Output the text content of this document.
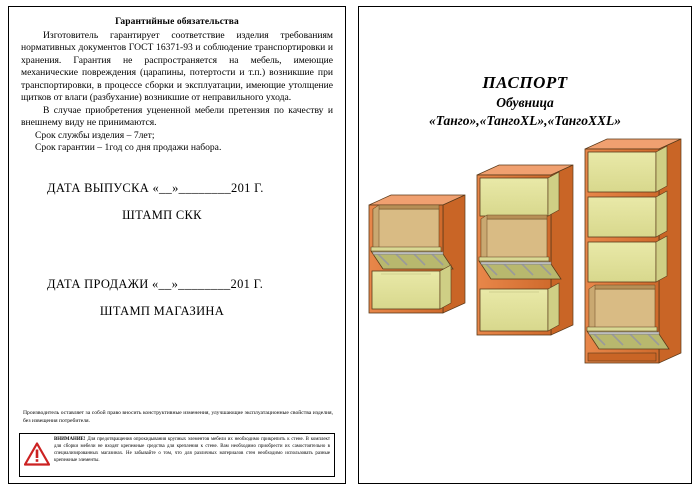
Гарантийные обязательства

Изготовитель гарантирует соответствие изделия требованиям нормативных документов ГОСТ 16371-93 и соблюдение транспортировки и хранения. Гарантия не распространяется на мебель, имеющие механические повреждения (царапины, потертости и т.п.) возникшие при транспортировки, в процессе сборки и эксплуатации, имеющие утолщение щитков от влаги (разбухание) возникшие от неправильного ухода.

В случае приобретения уцененной мебели претензия по качеству и внешнему виду не принимаются.

Срок службы изделия – 7лет;

Срок гарантии – 1год со дня продажи набора.

ДАТА ВЫПУСКА «__»________201 Г.
ШТАМП СКК
ДАТА ПРОДАЖИ «__»________201 Г.
ШТАМП МАГАЗИНА
Производитель оставляет за собой право вносить конструктивные изменения, улучшающие эксплуатационные свойства изделия, без извещения потребителя.
ВНИМАНИЕ! Для предотвращения опрокидывания крупных элементов мебели их необходимо прикрепить к стене. В комплект для сборки мебели не входят крепежные средства для крепления к стене. Вам необходимо приобрести их самостоятельно в специализированных магазинах. Не забывайте о том, что для различных материалов стен необходимо использовать разные крепежные элементы.
ПАСПОРТ
Обувница
«Танго»,«ТангоXL»,«ТангоXXL»
